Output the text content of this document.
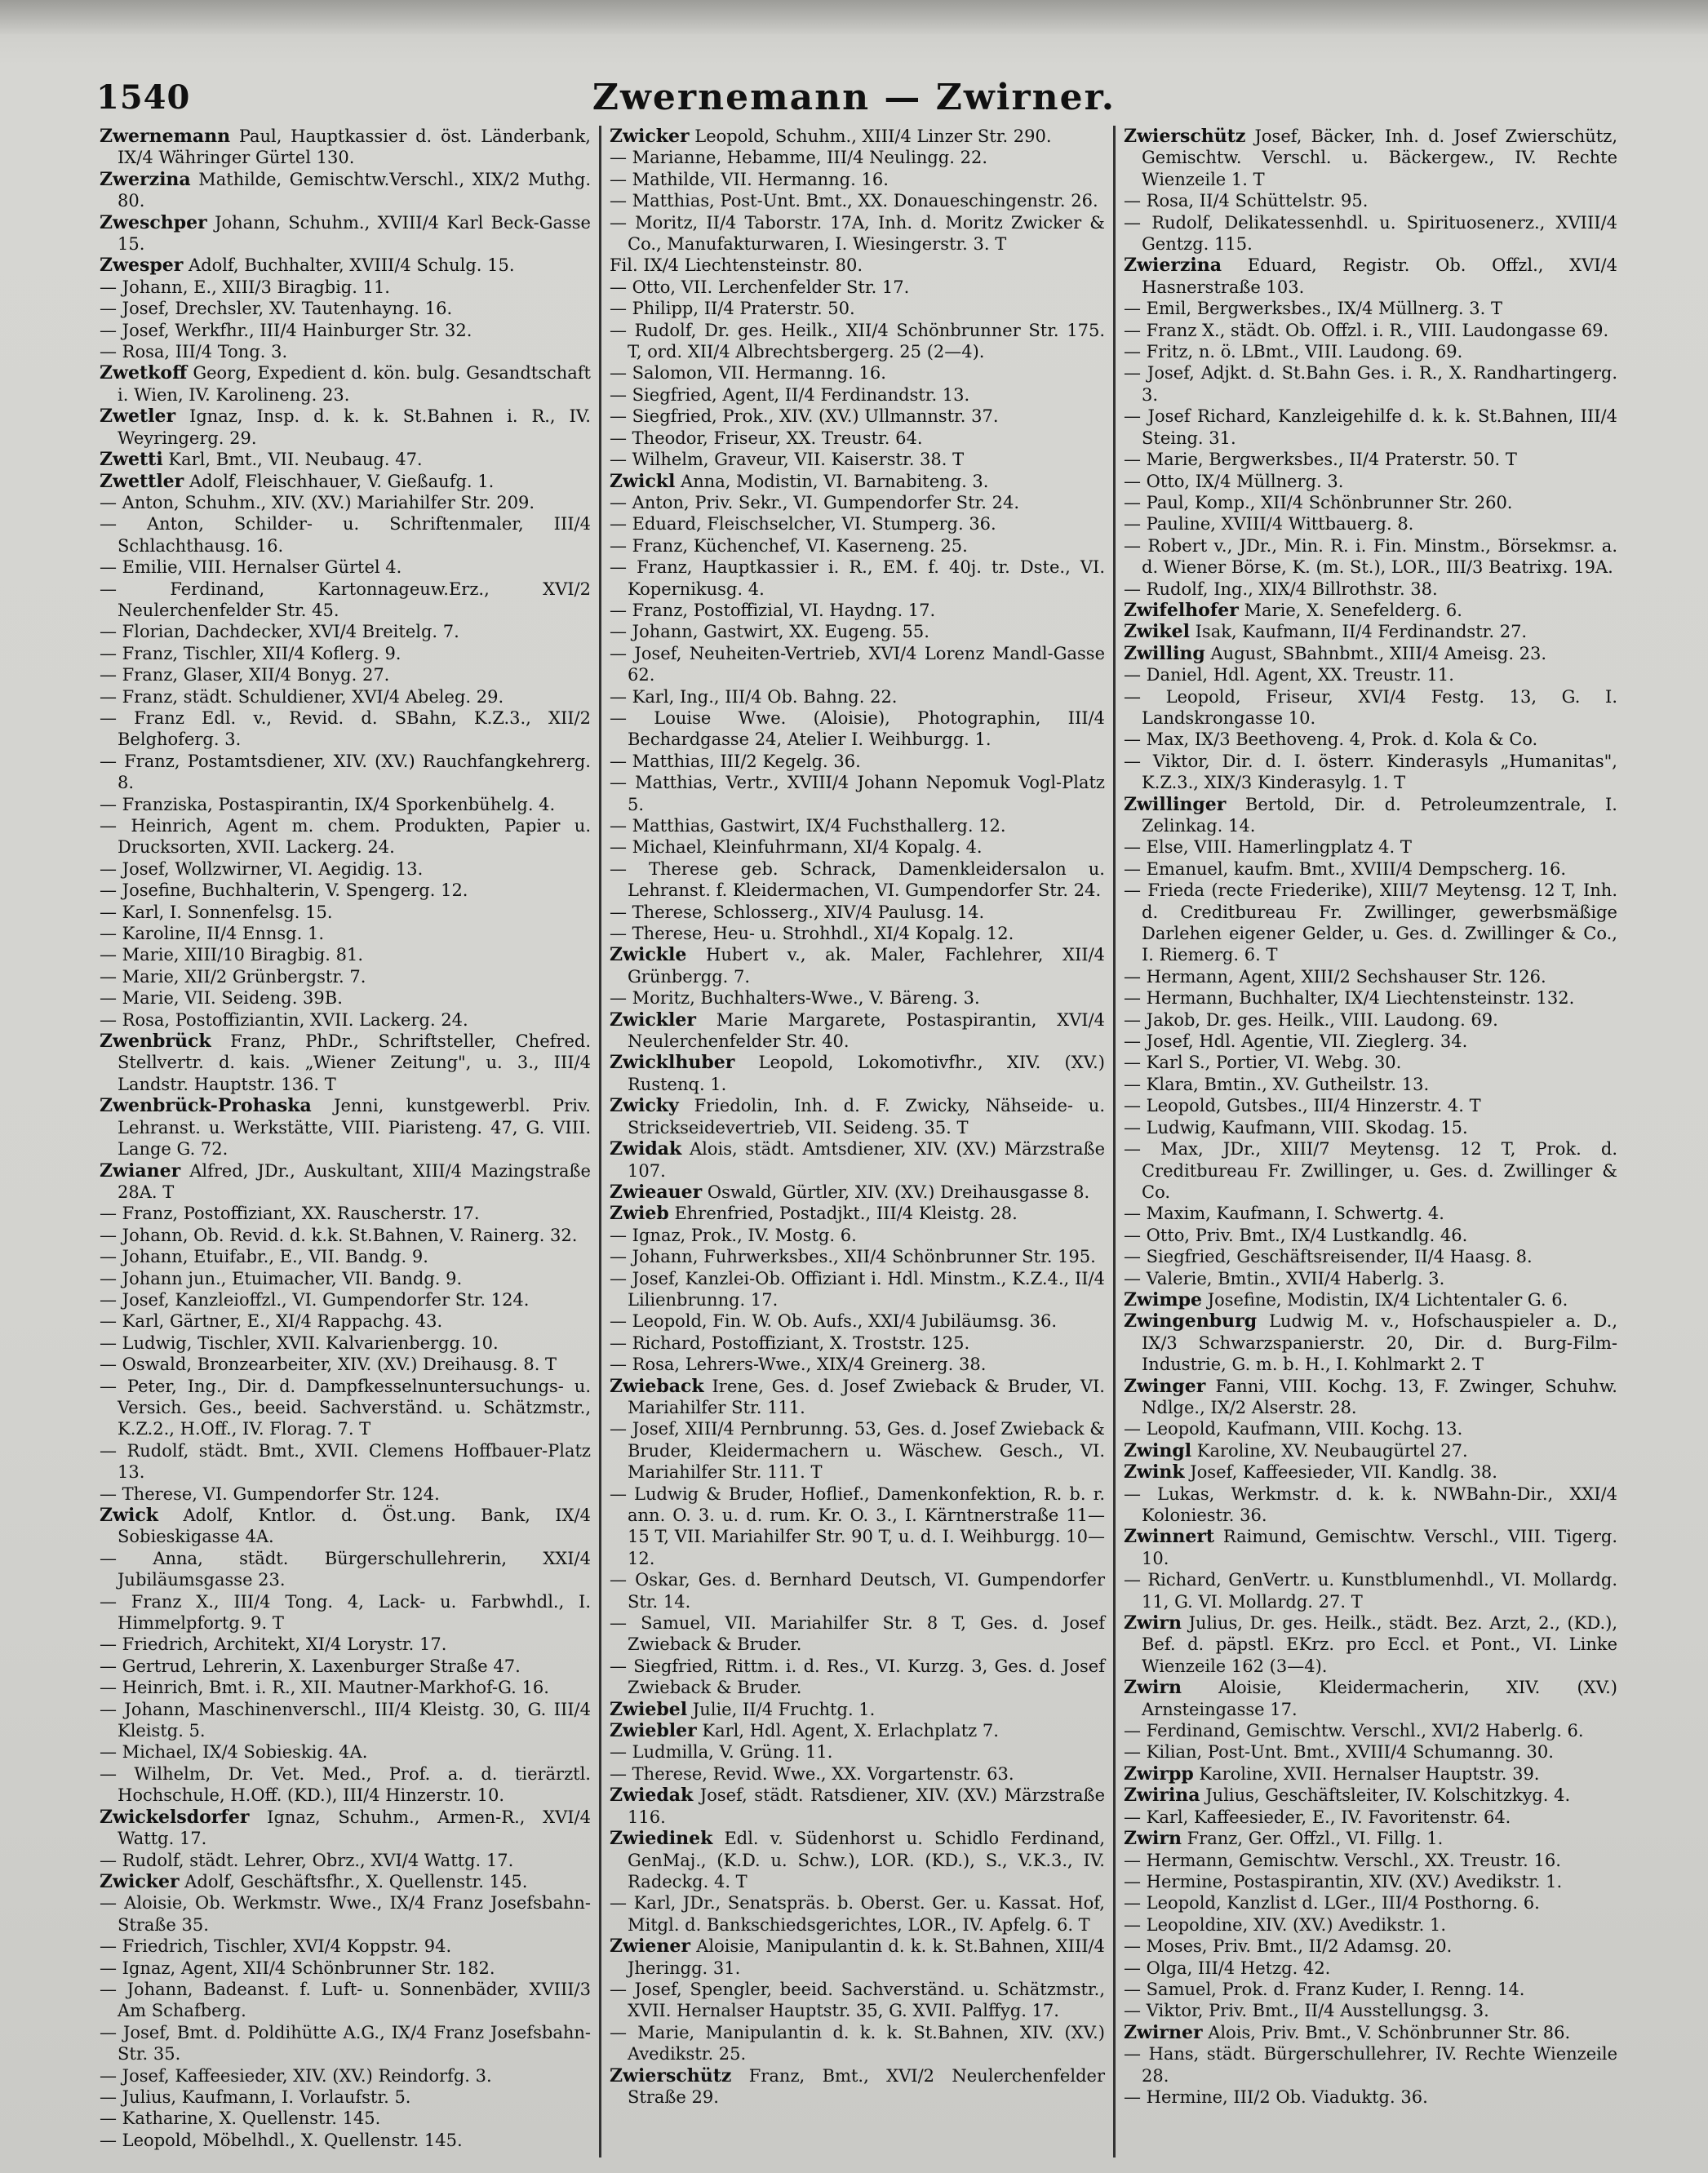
1540	Zwernemann — Zwirner.

Zwernemann Paul, Hauptkassier d. öst. Länderbank, IX/4 Währinger Gürtel 130.

Zwerzina Mathilde, Gemischtw.Verschl., XIX/2 Muthg. 80.

Zweschper Johann, Schuhm., XVIII/4 Karl Beck-Gasse 15.

Zwesper Adolf, Buchhalter, XVIII/4 Schulg. 15.

— Johann, E., XIII/3 Biragbig. 11.

— Josef, Drechsler, XV. Tautenhayng. 16.

— Josef, Werkfhr., III/4 Hainburger Str. 32.

— Rosa, III/4 Tong. 3.

Zwetkoff Georg, Expedient d. kön. bulg. Gesandtschaft i. Wien, IV. Karolineng. 23.

Zwetler Ignaz, Insp. d. k. k. St.Bahnen i. R., IV. Weyringerg. 29.

Zwetti Karl, Bmt., VII. Neubaug. 47.

Zwettler Adolf, Fleischhauer, V. Gießaufg. 1.

— Anton, Schuhm., XIV. (XV.) Mariahilfer Str. 209.

— Anton, Schilder- u. Schriftenmaler, III/4 Schlachthausg. 16.

— Emilie, VIII. Hernalser Gürtel 4.

— Ferdinand, Kartonnageuw.Erz., XVI/2 Neulerchenfelder Str. 45.

— Florian, Dachdecker, XVI/4 Breitelg. 7.

— Franz, Tischler, XII/4 Koflerg. 9.

— Franz, Glaser, XII/4 Bonyg. 27.

— Franz, städt. Schuldiener, XVI/4 Abeleg. 29.

— Franz Edl. v., Revid. d. SBahn, K.Z.3., XII/2 Belghoferg. 3.

— Franz, Postamtsdiener, XIV. (XV.) Rauchfangkehrerg. 8.

— Franziska, Postaspirantin, IX/4 Sporkenbühelg. 4.

— Heinrich, Agent m. chem. Produkten, Papier u. Drucksorten, XVII. Lackerg. 24.

— Josef, Wollzwirner, VI. Aegidig. 13.

— Josefine, Buchhalterin, V. Spengerg. 12.

— Karl, I. Sonnenfelsg. 15.

— Karoline, II/4 Ennsg. 1.

— Marie, XIII/10 Biragbig. 81.

— Marie, XII/2 Grünbergstr. 7.

— Marie, VII. Seideng. 39B.

— Rosa, Postoffiziantin, XVII. Lackerg. 24.

Zwenbrück Franz, PhDr., Schriftsteller, Chefred. Stellvertr. d. kais. „Wiener Zeitung", u. 3., III/4 Landstr. Hauptstr. 136. T

Zwenbrück-Prohaska Jenni, kunstgewerbl. Priv. Lehranst. u. Werkstätte, VIII. Piaristeng. 47, G. VIII. Lange G. 72.

Zwianer Alfred, JDr., Auskultant, XIII/4 Mazingstraße 28A. T

— Franz, Postoffiziant, XX. Rauscherstr. 17.

— Johann, Ob. Revid. d. k.k. St.Bahnen, V. Rainerg. 32.

— Johann, Etuifabr., E., VII. Bandg. 9.

— Johann jun., Etuimacher, VII. Bandg. 9.

— Josef, Kanzleioffzl., VI. Gumpendorfer Str. 124.

— Karl, Gärtner, E., XI/4 Rappachg. 43.

— Ludwig, Tischler, XVII. Kalvarienbergg. 10.

— Oswald, Bronzearbeiter, XIV. (XV.) Dreihausg. 8. T

— Peter, Ing., Dir. d. Dampfkesselnuntersuchungs- u. Versich. Ges., beeid. Sachverständ. u. Schätzmstr., K.Z.2., H.Off., IV. Florag. 7. T

— Rudolf, städt. Bmt., XVII. Clemens Hoffbauer-Platz 13.

— Therese, VI. Gumpendorfer Str. 124.

Zwick Adolf, Kntlor. d. Öst.ung. Bank, IX/4 Sobieskigasse 4A.

— Anna, städt. Bürgerschullehrerin, XXI/4 Jubiläumsgasse 23.

— Franz X., III/4 Tong. 4, Lack- u. Farbwhdl., I. Himmelpfortg. 9. T

— Friedrich, Architekt, XI/4 Lorystr. 17.

— Gertrud, Lehrerin, X. Laxenburger Straße 47.

— Heinrich, Bmt. i. R., XII. Mautner-Markhof-G. 16.

— Johann, Maschinenverschl., III/4 Kleistg. 30, G. III/4 Kleistg. 5.

— Michael, IX/4 Sobieskig. 4A.

— Wilhelm, Dr. Vet. Med., Prof. a. d. tierärztl. Hochschule, H.Off. (KD.), III/4 Hinzerstr. 10.

Zwickelsdorfer Ignaz, Schuhm., Armen-R., XVI/4 Wattg. 17.

— Rudolf, städt. Lehrer, Obrz., XVI/4 Wattg. 17.

Zwicker Adolf, Geschäftsfhr., X. Quellenstr. 145.

— Aloisie, Ob. Werkmstr. Wwe., IX/4 Franz Josefsbahn-Straße 35.

— Friedrich, Tischler, XVI/4 Koppstr. 94.

— Ignaz, Agent, XII/4 Schönbrunner Str. 182.

— Johann, Badeanst. f. Luft- u. Sonnenbäder, XVIII/3 Am Schafberg.

— Josef, Bmt. d. Poldihütte A.G., IX/4 Franz Josefsbahn-Str. 35.

— Josef, Kaffeesieder, XIV. (XV.) Reindorfg. 3.

— Julius, Kaufmann, I. Vorlaufstr. 5.

— Katharine, X. Quellenstr. 145.

— Leopold, Möbelhdl., X. Quellenstr. 145.

Zwicker Leopold, Schuhm., XIII/4 Linzer Str. 290.

— Marianne, Hebamme, III/4 Neulingg. 22.

— Mathilde, VII. Hermanng. 16.

— Matthias, Post-Unt. Bmt., XX. Donaueschingenstr. 26.

— Moritz, II/4 Taborstr. 17A, Inh. d. Moritz Zwicker & Co., Manufakturwaren, I. Wiesingerstr. 3. T

Fil. IX/4 Liechtensteinstr. 80.

— Otto, VII. Lerchenfelder Str. 17.

— Philipp, II/4 Praterstr. 50.

— Rudolf, Dr. ges. Heilk., XII/4 Schönbrunner Str. 175. T, ord. XII/4 Albrechtsbergerg. 25 (2—4).

— Salomon, VII. Hermanng. 16.

— Siegfried, Agent, II/4 Ferdinandstr. 13.

— Siegfried, Prok., XIV. (XV.) Ullmannstr. 37.

— Theodor, Friseur, XX. Treustr. 64.

— Wilhelm, Graveur, VII. Kaiserstr. 38. T

Zwickl Anna, Modistin, VI. Barnabiteng. 3.

— Anton, Priv. Sekr., VI. Gumpendorfer Str. 24.

— Eduard, Fleischselcher, VI. Stumperg. 36.

— Franz, Küchenchef, VI. Kaserneng. 25.

— Franz, Hauptkassier i. R., EM. f. 40j. tr. Dste., VI. Kopernikusg. 4.

— Franz, Postoffizial, VI. Haydng. 17.

— Johann, Gastwirt, XX. Eugeng. 55.

— Josef, Neuheiten-Vertrieb, XVI/4 Lorenz Mandl-Gasse 62.

— Karl, Ing., III/4 Ob. Bahng. 22.

— Louise Wwe. (Aloisie), Photographin, III/4 Bechardgasse 24, Atelier I. Weihburgg. 1.

— Matthias, III/2 Kegelg. 36.

— Matthias, Vertr., XVIII/4 Johann Nepomuk Vogl-Platz 5.

— Matthias, Gastwirt, IX/4 Fuchsthallerg. 12.

— Michael, Kleinfuhrmann, XI/4 Kopalg. 4.

— Therese geb. Schrack, Damenkleidersalon u. Lehranst. f. Kleidermachen, VI. Gumpendorfer Str. 24.

— Therese, Schlosserg., XIV/4 Paulusg. 14.

— Therese, Heu- u. Strohhdl., XI/4 Kopalg. 12.

Zwickle Hubert v., ak. Maler, Fachlehrer, XII/4 Grünbergg. 7.

— Moritz, Buchhalters-Wwe., V. Bäreng. 3.

Zwickler Marie Margarete, Postaspirantin, XVI/4 Neulerchenfelder Str. 40.

Zwicklhuber Leopold, Lokomotivfhr., XIV. (XV.) Rustenq. 1.

Zwicky Friedolin, Inh. d. F. Zwicky, Nähseide- u. Strickseidevertrieb, VII. Seideng. 35. T

Zwidak Alois, städt. Amtsdiener, XIV. (XV.) Märzstraße 107.

Zwieauer Oswald, Gürtler, XIV. (XV.) Dreihausgasse 8.

Zwieb Ehrenfried, Postadjkt., III/4 Kleistg. 28.

— Ignaz, Prok., IV. Mostg. 6.

— Johann, Fuhrwerksbes., XII/4 Schönbrunner Str. 195.

— Josef, Kanzlei-Ob. Offiziant i. Hdl. Minstm., K.Z.4., II/4 Lilienbrunng. 17.

— Leopold, Fin. W. Ob. Aufs., XXI/4 Jubiläumsg. 36.

— Richard, Postoffiziant, X. Troststr. 125.

— Rosa, Lehrers-Wwe., XIX/4 Greinerg. 38.

Zwieback Irene, Ges. d. Josef Zwieback & Bruder, VI. Mariahilfer Str. 111.

— Josef, XIII/4 Pernbrunng. 53, Ges. d. Josef Zwieback & Bruder, Kleidermachern u. Wäschew. Gesch., VI. Mariahilfer Str. 111. T

— Ludwig & Bruder, Hoflief., Damenkonfektion, R. b. r. ann. O. 3. u. d. rum. Kr. O. 3., I. Kärntnerstraße 11—15 T, VII. Mariahilfer Str. 90 T, u. d. I. Weihburgg. 10—12.

— Oskar, Ges. d. Bernhard Deutsch, VI. Gumpendorfer Str. 14.

— Samuel, VII. Mariahilfer Str. 8 T, Ges. d. Josef Zwieback & Bruder.

— Siegfried, Rittm. i. d. Res., VI. Kurzg. 3, Ges. d. Josef Zwieback & Bruder.

Zwiebel Julie, II/4 Fruchtg. 1.

Zwiebler Karl, Hdl. Agent, X. Erlachplatz 7.

— Ludmilla, V. Grüng. 11.

— Therese, Revid. Wwe., XX. Vorgartenstr. 63.

Zwiedak Josef, städt. Ratsdiener, XIV. (XV.) Märzstraße 116.

Zwiedinek Edl. v. Südenhorst u. Schidlo Ferdinand, GenMaj., (K.D. u. Schw.), LOR. (KD.), S., V.K.3., IV. Radeckg. 4. T

— Karl, JDr., Senatspräs. b. Oberst. Ger. u. Kassat. Hof, Mitgl. d. Bankschiedsgerichtes, LOR., IV. Apfelg. 6. T

Zwiener Aloisie, Manipulantin d. k. k. St.Bahnen, XIII/4 Jheringg. 31.

— Josef, Spengler, beeid. Sachverständ. u. Schätzmstr., XVII. Hernalser Hauptstr. 35, G. XVII. Palffyg. 17.

— Marie, Manipulantin d. k. k. St.Bahnen, XIV. (XV.) Avedikstr. 25.

Zwierschütz Franz, Bmt., XVI/2 Neulerchenfelder Straße 29.

Zwierschütz Josef, Bäcker, Inh. d. Josef Zwierschütz, Gemischtw. Verschl. u. Bäckergew., IV. Rechte Wienzeile 1. T

— Rosa, II/4 Schüttelstr. 95.

— Rudolf, Delikatessenhdl. u. Spirituosenerz., XVIII/4 Gentzg. 115.

Zwierzina Eduard, Registr. Ob. Offzl., XVI/4 Hasnerstraße 103.

— Emil, Bergwerksbes., IX/4 Müllnerg. 3. T

— Franz X., städt. Ob. Offzl. i. R., VIII. Laudongasse 69.

— Fritz, n. ö. LBmt., VIII. Laudong. 69.

— Josef, Adjkt. d. St.Bahn Ges. i. R., X. Randhartingerg. 3.

— Josef Richard, Kanzleigehilfe d. k. k. St.Bahnen, III/4 Steing. 31.

— Marie, Bergwerksbes., II/4 Praterstr. 50. T

— Otto, IX/4 Müllnerg. 3.

— Paul, Komp., XII/4 Schönbrunner Str. 260.

— Pauline, XVIII/4 Wittbauerg. 8.

— Robert v., JDr., Min. R. i. Fin. Minstm., Börsekmsr. a. d. Wiener Börse, K. (m. St.), LOR., III/3 Beatrixg. 19A.

— Rudolf, Ing., XIX/4 Billrothstr. 38.

Zwifelhofer Marie, X. Senefelderg. 6.

Zwikel Isak, Kaufmann, II/4 Ferdinandstr. 27.

Zwilling August, SBahnbmt., XIII/4 Ameisg. 23.

— Daniel, Hdl. Agent, XX. Treustr. 11.

— Leopold, Friseur, XVI/4 Festg. 13, G. I. Landskrongasse 10.

— Max, IX/3 Beethoveng. 4, Prok. d. Kola & Co.

— Viktor, Dir. d. I. österr. Kinderasyls „Humanitas", K.Z.3., XIX/3 Kinderasylg. 1. T

Zwillinger Bertold, Dir. d. Petroleumzentrale, I. Zelinkag. 14.

— Else, VIII. Hamerlingplatz 4. T

— Emanuel, kaufm. Bmt., XVIII/4 Dempscherg. 16.

— Frieda (recte Friederike), XIII/7 Meytensg. 12 T, Inh. d. Creditbureau Fr. Zwillinger, gewerbsmäßige Darlehen eigener Gelder, u. Ges. d. Zwillinger & Co., I. Riemerg. 6. T

— Hermann, Agent, XIII/2 Sechshauser Str. 126.

— Hermann, Buchhalter, IX/4 Liechtensteinstr. 132.

— Jakob, Dr. ges. Heilk., VIII. Laudong. 69.

— Josef, Hdl. Agentie, VII. Zieglerg. 34.

— Karl S., Portier, VI. Webg. 30.

— Klara, Bmtin., XV. Gutheilstr. 13.

— Leopold, Gutsbes., III/4 Hinzerstr. 4. T

— Ludwig, Kaufmann, VIII. Skodag. 15.

— Max, JDr., XIII/7 Meytensg. 12 T, Prok. d. Creditbureau Fr. Zwillinger, u. Ges. d. Zwillinger & Co.

— Maxim, Kaufmann, I. Schwertg. 4.

— Otto, Priv. Bmt., IX/4 Lustkandlg. 46.

— Siegfried, Geschäftsreisender, II/4 Haasg. 8.

— Valerie, Bmtin., XVII/4 Haberlg. 3.

Zwimpe Josefine, Modistin, IX/4 Lichtentaler G. 6.

Zwingenburg Ludwig M. v., Hofschauspieler a. D., IX/3 Schwarzspanierstr. 20, Dir. d. Burg-Film-Industrie, G. m. b. H., I. Kohlmarkt 2. T

Zwinger Fanni, VIII. Kochg. 13, F. Zwinger, Schuhw. Ndlge., IX/2 Alserstr. 28.

— Leopold, Kaufmann, VIII. Kochg. 13.

Zwingl Karoline, XV. Neubaugürtel 27.

Zwink Josef, Kaffeesieder, VII. Kandlg. 38.

— Lukas, Werkmstr. d. k. k. NWBahn-Dir., XXI/4 Koloniestr. 36.

Zwinnert Raimund, Gemischtw. Verschl., VIII. Tigerg. 10.

— Richard, GenVertr. u. Kunstblumenhdl., VI. Mollardg. 11, G. VI. Mollardg. 27. T

Zwirn Julius, Dr. ges. Heilk., städt. Bez. Arzt, 2., (KD.), Bef. d. päpstl. EKrz. pro Eccl. et Pont., VI. Linke Wienzeile 162 (3—4).

Zwirn Aloisie, Kleidermacherin, XIV. (XV.) Arnsteingasse 17.

— Ferdinand, Gemischtw. Verschl., XVI/2 Haberlg. 6.

— Kilian, Post-Unt. Bmt., XVIII/4 Schumanng. 30.

Zwirpp Karoline, XVII. Hernalser Hauptstr. 39.

Zwirina Julius, Geschäftsleiter, IV. Kolschitzkyg. 4.

— Karl, Kaffeesieder, E., IV. Favoritenstr. 64.

Zwirn Franz, Ger. Offzl., VI. Fillg. 1.

— Hermann, Gemischtw. Verschl., XX. Treustr. 16.

— Hermine, Postaspirantin, XIV. (XV.) Avedikstr. 1.

— Leopold, Kanzlist d. LGer., III/4 Posthorng. 6.

— Leopoldine, XIV. (XV.) Avedikstr. 1.

— Moses, Priv. Bmt., II/2 Adamsg. 20.

— Olga, III/4 Hetzg. 42.

— Samuel, Prok. d. Franz Kuder, I. Renng. 14.

— Viktor, Priv. Bmt., II/4 Ausstellungsg. 3.

Zwirner Alois, Priv. Bmt., V. Schönbrunner Str. 86.

— Hans, städt. Bürgerschullehrer, IV. Rechte Wienzeile 28.

— Hermine, III/2 Ob. Viaduktg. 36.
